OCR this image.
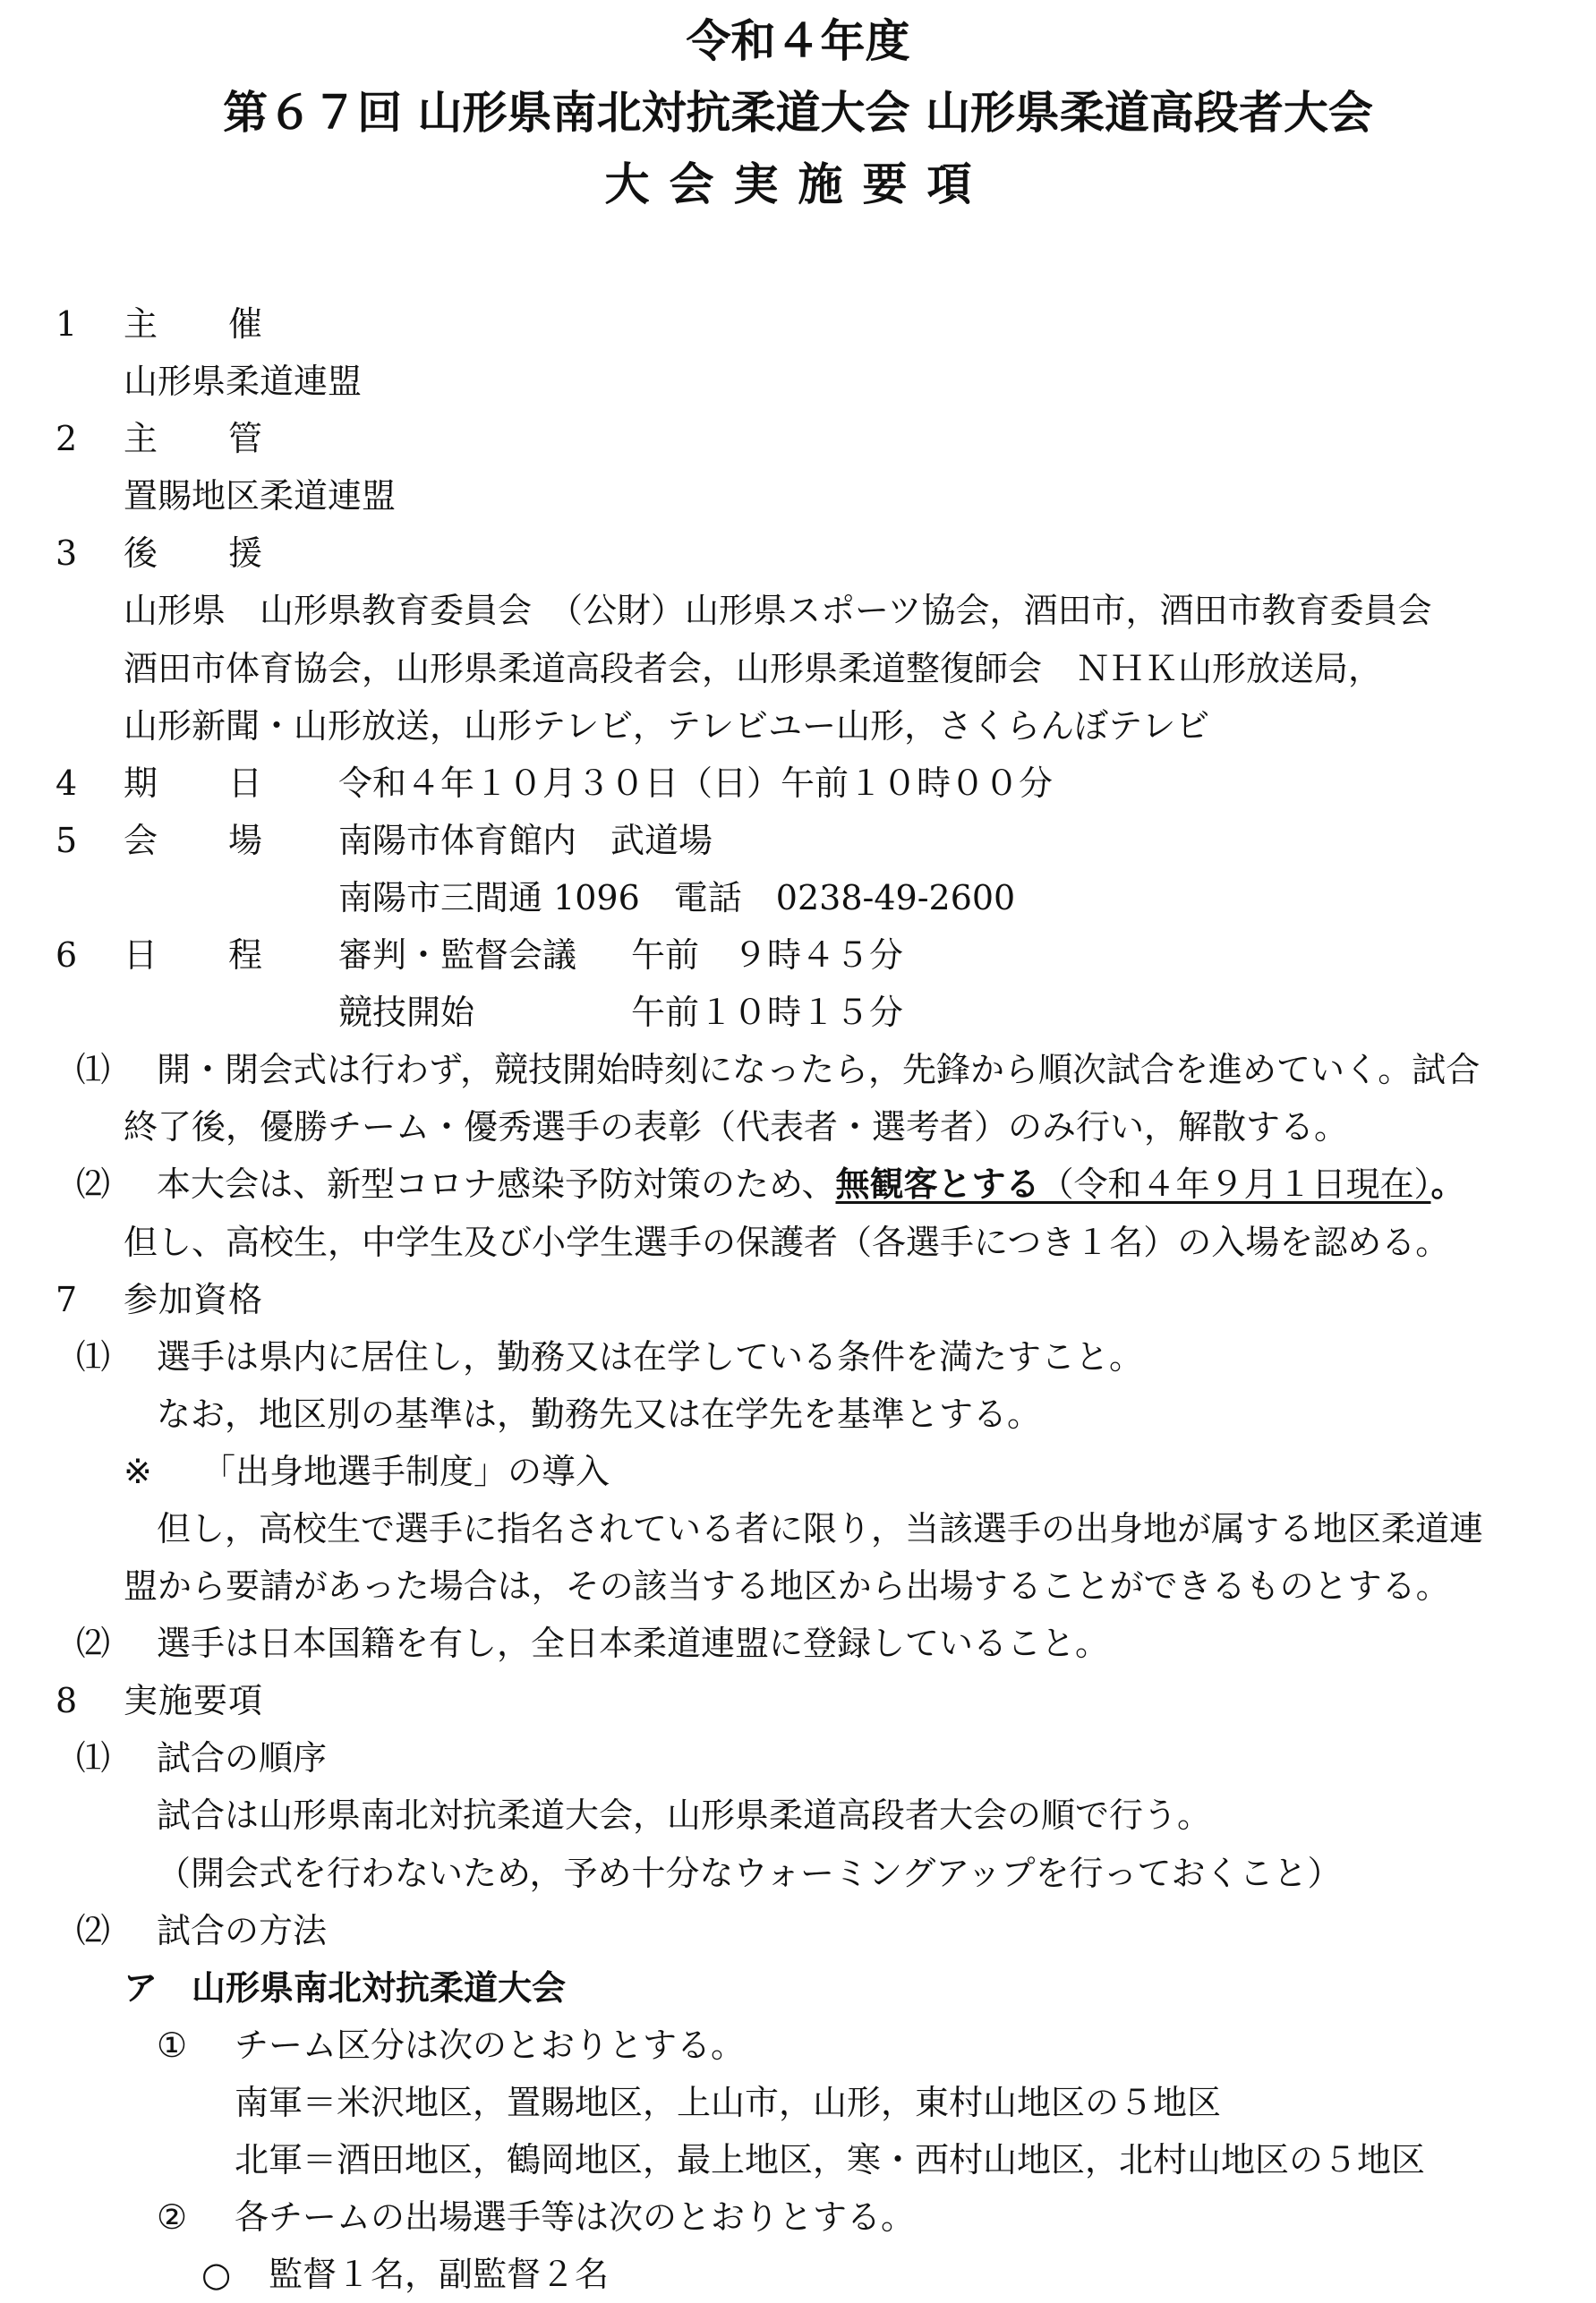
令和４年度
第６７回 山形県南北対抗柔道大会 山形県柔道高段者大会
大会実施要項
1 主　　催
山形県柔道連盟
2 主　　管
置賜地区柔道連盟
3 後　　援
山形県　山形県教育委員会　（公財）山形県スポーツ協会，酒田市，酒田市教育委員会
酒田市体育協会，山形県柔道高段者会，山形県柔道整復師会　ＮＨＫ山形放送局，
山形新聞・山形放送，山形テレビ，テレビユー山形，さくらんぼテレビ
4 期　　日 令和４年１０月３０日（日）午前１０時００分
5 会　　場 南陽市体育館内　武道場
南陽市三間通 1096　電話　0238-49-2600
6 日　　程 審判・監督会議 午前　９時４５分
競技開始	午前１０時１５分
⑴ 開・閉会式は行わず，競技開始時刻になったら，先鋒から順次試合を進めていく。試合
終了後，優勝チーム・優秀選手の表彰（代表者・選考者）のみ行い，解散する。
⑵ 本大会は、新型コロナ感染予防対策のため、無観客とする（令和４年９月１日現在）。
但し、高校生，中学生及び小学生選手の保護者（各選手につき１名）の入場を認める。
7 参加資格
⑴ 選手は県内に居住し，勤務又は在学している条件を満たすこと。
なお，地区別の基準は，勤務先又は在学先を基準とする。
※ 「出身地選手制度」の導入
但し，高校生で選手に指名されている者に限り，当該選手の出身地が属する地区柔道連
盟から要請があった場合は，その該当する地区から出場することができるものとする。
⑵ 選手は日本国籍を有し，全日本柔道連盟に登録していること。
8 実施要項
⑴ 試合の順序
試合は山形県南北対抗柔道大会，山形県柔道高段者大会の順で行う。
（開会式を行わないため，予め十分なウォーミングアップを行っておくこと）
⑵ 試合の方法
ア　山形県南北対抗柔道大会
① チーム区分は次のとおりとする。
南軍＝米沢地区，置賜地区，上山市，山形，東村山地区の５地区
北軍＝酒田地区，鶴岡地区，最上地区，寒・西村山地区，北村山地区の５地区
② 各チームの出場選手等は次のとおりとする。
○ 監督１名，副監督２名
